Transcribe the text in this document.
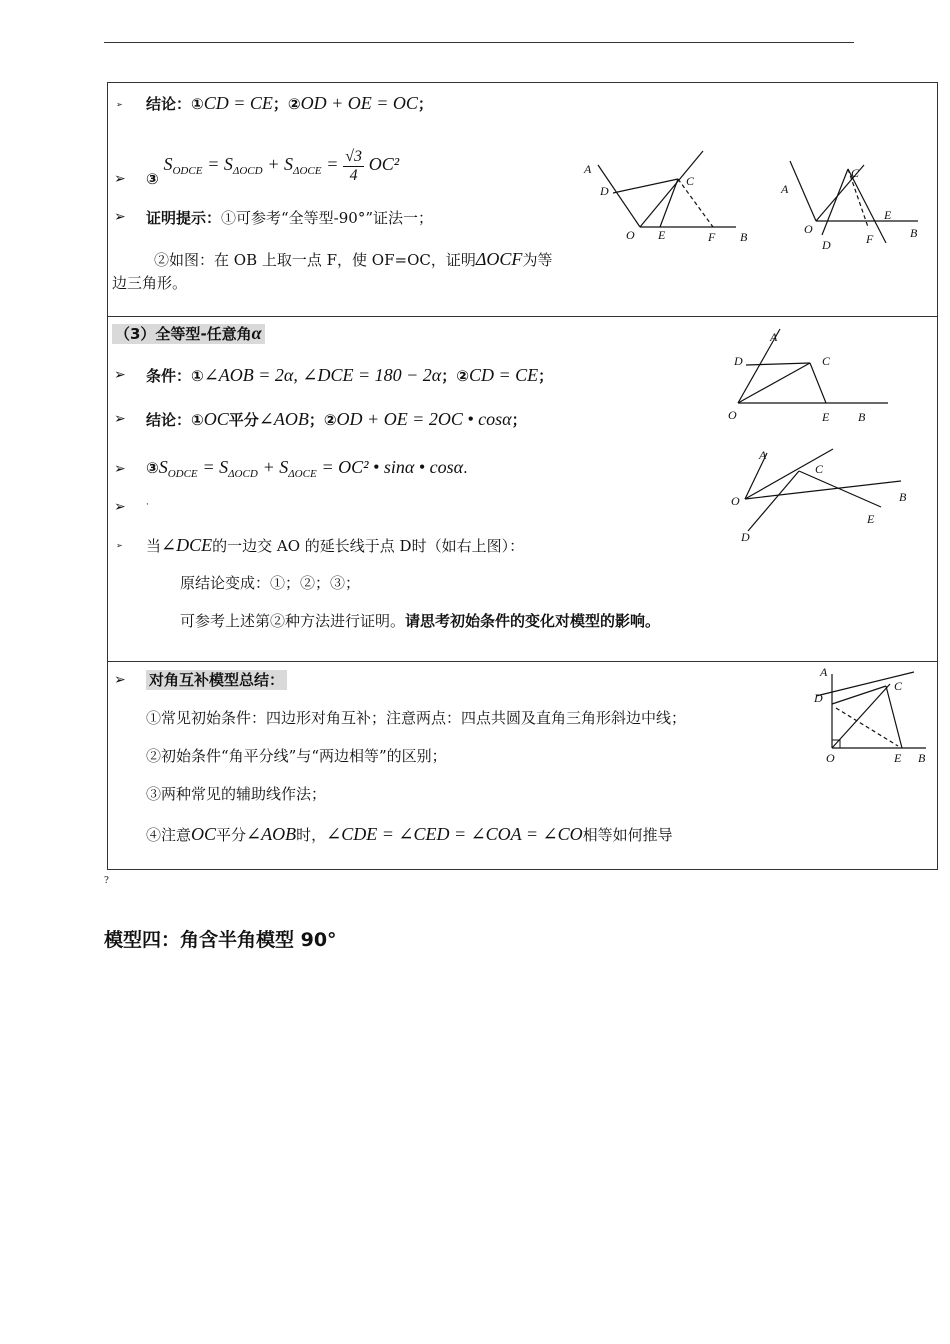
➢ 结论：①CD = CE；②OD + OE = OC；
➢ ③ $S_{ODCE} = S_{\Delta OCD} + S_{\Delta OCE} = \frac{√3}{4} OC^2$
➢ 证明提示：①可参考“全等型-90°”证法一；
②如图：在 OB 上取一点 F，使 OF=OC，证明ΔOCF为等
边三角形。
A
D
O E	F B
C
A
C
E
O
D	F	B
（3）全等型-任意角α
➢ 条件：①∠AOB = 2α, ∠DCE = 180 − 2α；②CD = CE；
➢ 结论：①OC平分∠AOB；②OD + OE = 2OC • cosα；
➢ $③S_{ODCE} = S_{\Delta OCD} + S_{\Delta OCE} = OC^2$ • sinα • cosα.
➢ ·
➢ 当∠DCE的一边交 AO 的延长线于点 D时（如右上图）：
原结论变成：①；②；③；
可参考上述第②种方法进行证明。请思考初始条件的变化对模型的影响。
A
D	C
O	E B
A
C
O	B
E
D
➢ 对角互补模型总结：
①常见初始条件：四边形对角互补；注意两点：四点共圆及直角三角形斜边中线；
②初始条件“角平分线”与“两边相等”的区别；
③两种常见的辅助线作法；
④注意OC平分∠AOB时，∠CDE = ∠CED = ∠COA = ∠CO相等如何推导
A
D
C
O	E B
?
模型四：角含半角模型 90°
